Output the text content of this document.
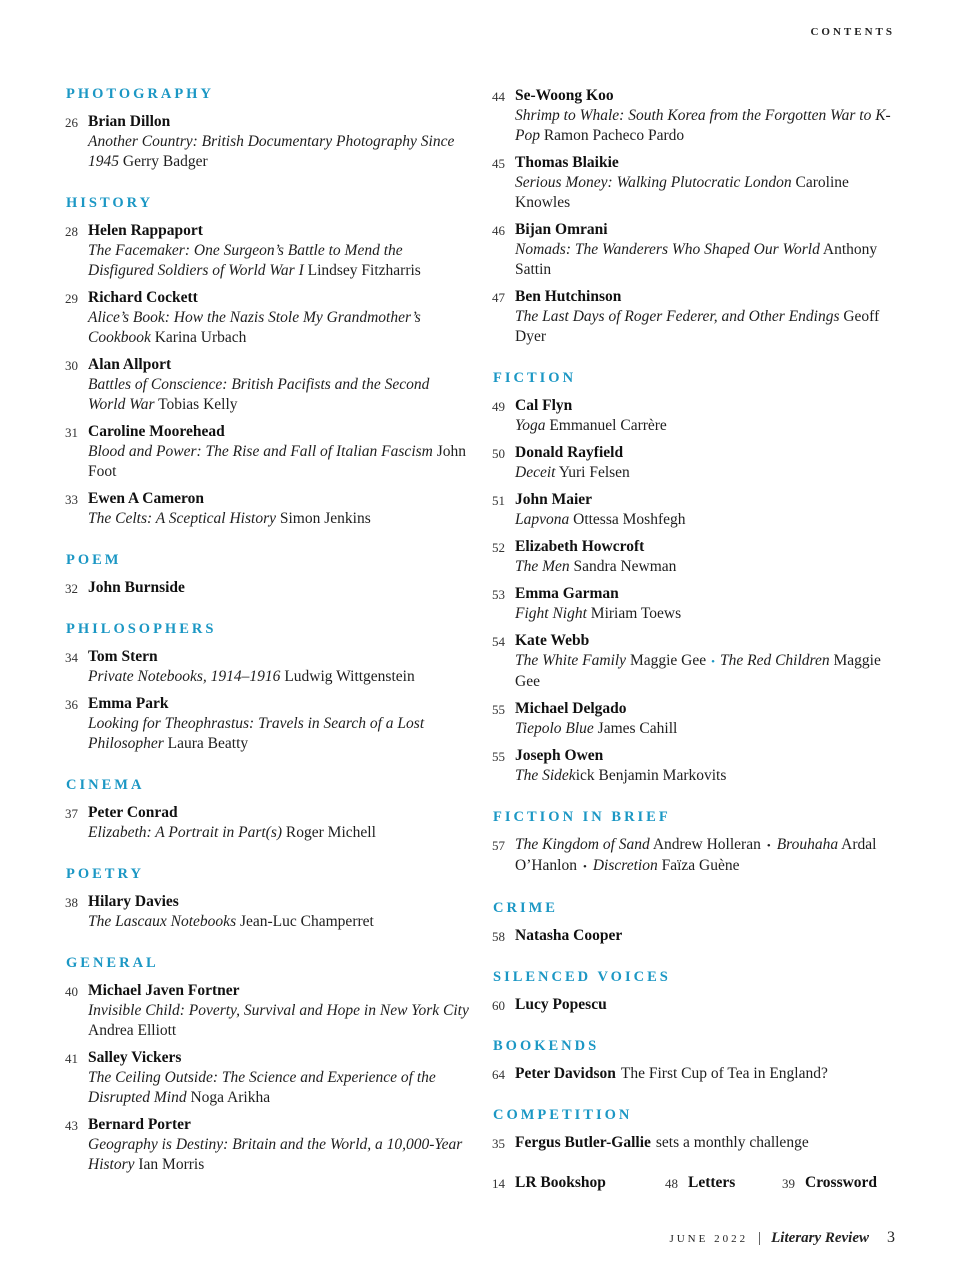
CONTENTS
PHOTOGRAPHY
26 Brian Dillon
Another Country: British Documentary Photography Since 1945 Gerry Badger
HISTORY
28 Helen Rappaport
The Facemaker: One Surgeon’s Battle to Mend the Disfigured Soldiers of World War I Lindsey Fitzharris
29 Richard Cockett
Alice’s Book: How the Nazis Stole My Grandmother’s Cookbook Karina Urbach
30 Alan Allport
Battles of Conscience: British Pacifists and the Second World War Tobias Kelly
31 Caroline Moorehead
Blood and Power: The Rise and Fall of Italian Fascism John Foot
33 Ewen A Cameron
The Celts: A Sceptical History Simon Jenkins
POEM
32 John Burnside
PHILOSOPHERS
34 Tom Stern
Private Notebooks, 1914–1916 Ludwig Wittgenstein
36 Emma Park
Looking for Theophrastus: Travels in Search of a Lost Philosopher Laura Beatty
CINEMA
37 Peter Conrad
Elizabeth: A Portrait in Part(s) Roger Michell
POETRY
38 Hilary Davies
The Lascaux Notebooks Jean-Luc Champerret
GENERAL
40 Michael Javen Fortner
Invisible Child: Poverty, Survival and Hope in New York City Andrea Elliott
41 Salley Vickers
The Ceiling Outside: The Science and Experience of the Disrupted Mind Noga Arikha
43 Bernard Porter
Geography is Destiny: Britain and the World, a 10,000-Year History Ian Morris
44 Se-Woong Koo
Shrimp to Whale: South Korea from the Forgotten War to K-Pop Ramon Pacheco Pardo
45 Thomas Blaikie
Serious Money: Walking Plutocratic London Caroline Knowles
46 Bijan Omrani
Nomads: The Wanderers Who Shaped Our World Anthony Sattin
47 Ben Hutchinson
The Last Days of Roger Federer, and Other Endings Geoff Dyer
FICTION
49 Cal Flyn
Yoga Emmanuel Carrère
50 Donald Rayfield
Deceit Yuri Felsen
51 John Maier
Lapvona Ottessa Moshfegh
52 Elizabeth Howcroft
The Men Sandra Newman
53 Emma Garman
Fight Night Miriam Toews
54 Kate Webb
The White Family Maggie Gee • The Red Children Maggie Gee
55 Michael Delgado
Tiepolo Blue James Cahill
55 Joseph Owen
The Sidekick Benjamin Markovits
FICTION IN BRIEF
57 The Kingdom of Sand Andrew Holleran • Brouhaha Ardal O’Hanlon • Discretion Faïza Guène
CRIME
58 Natasha Cooper
SILENCED VOICES
60 Lucy Popescu
BOOKENDS
64 Peter Davidson The First Cup of Tea in England?
COMPETITION
35 Fergus Butler-Gallie sets a monthly challenge
14 LR Bookshop	48 Letters	39 Crossword
JUNE 2022 | Literary Review 3
